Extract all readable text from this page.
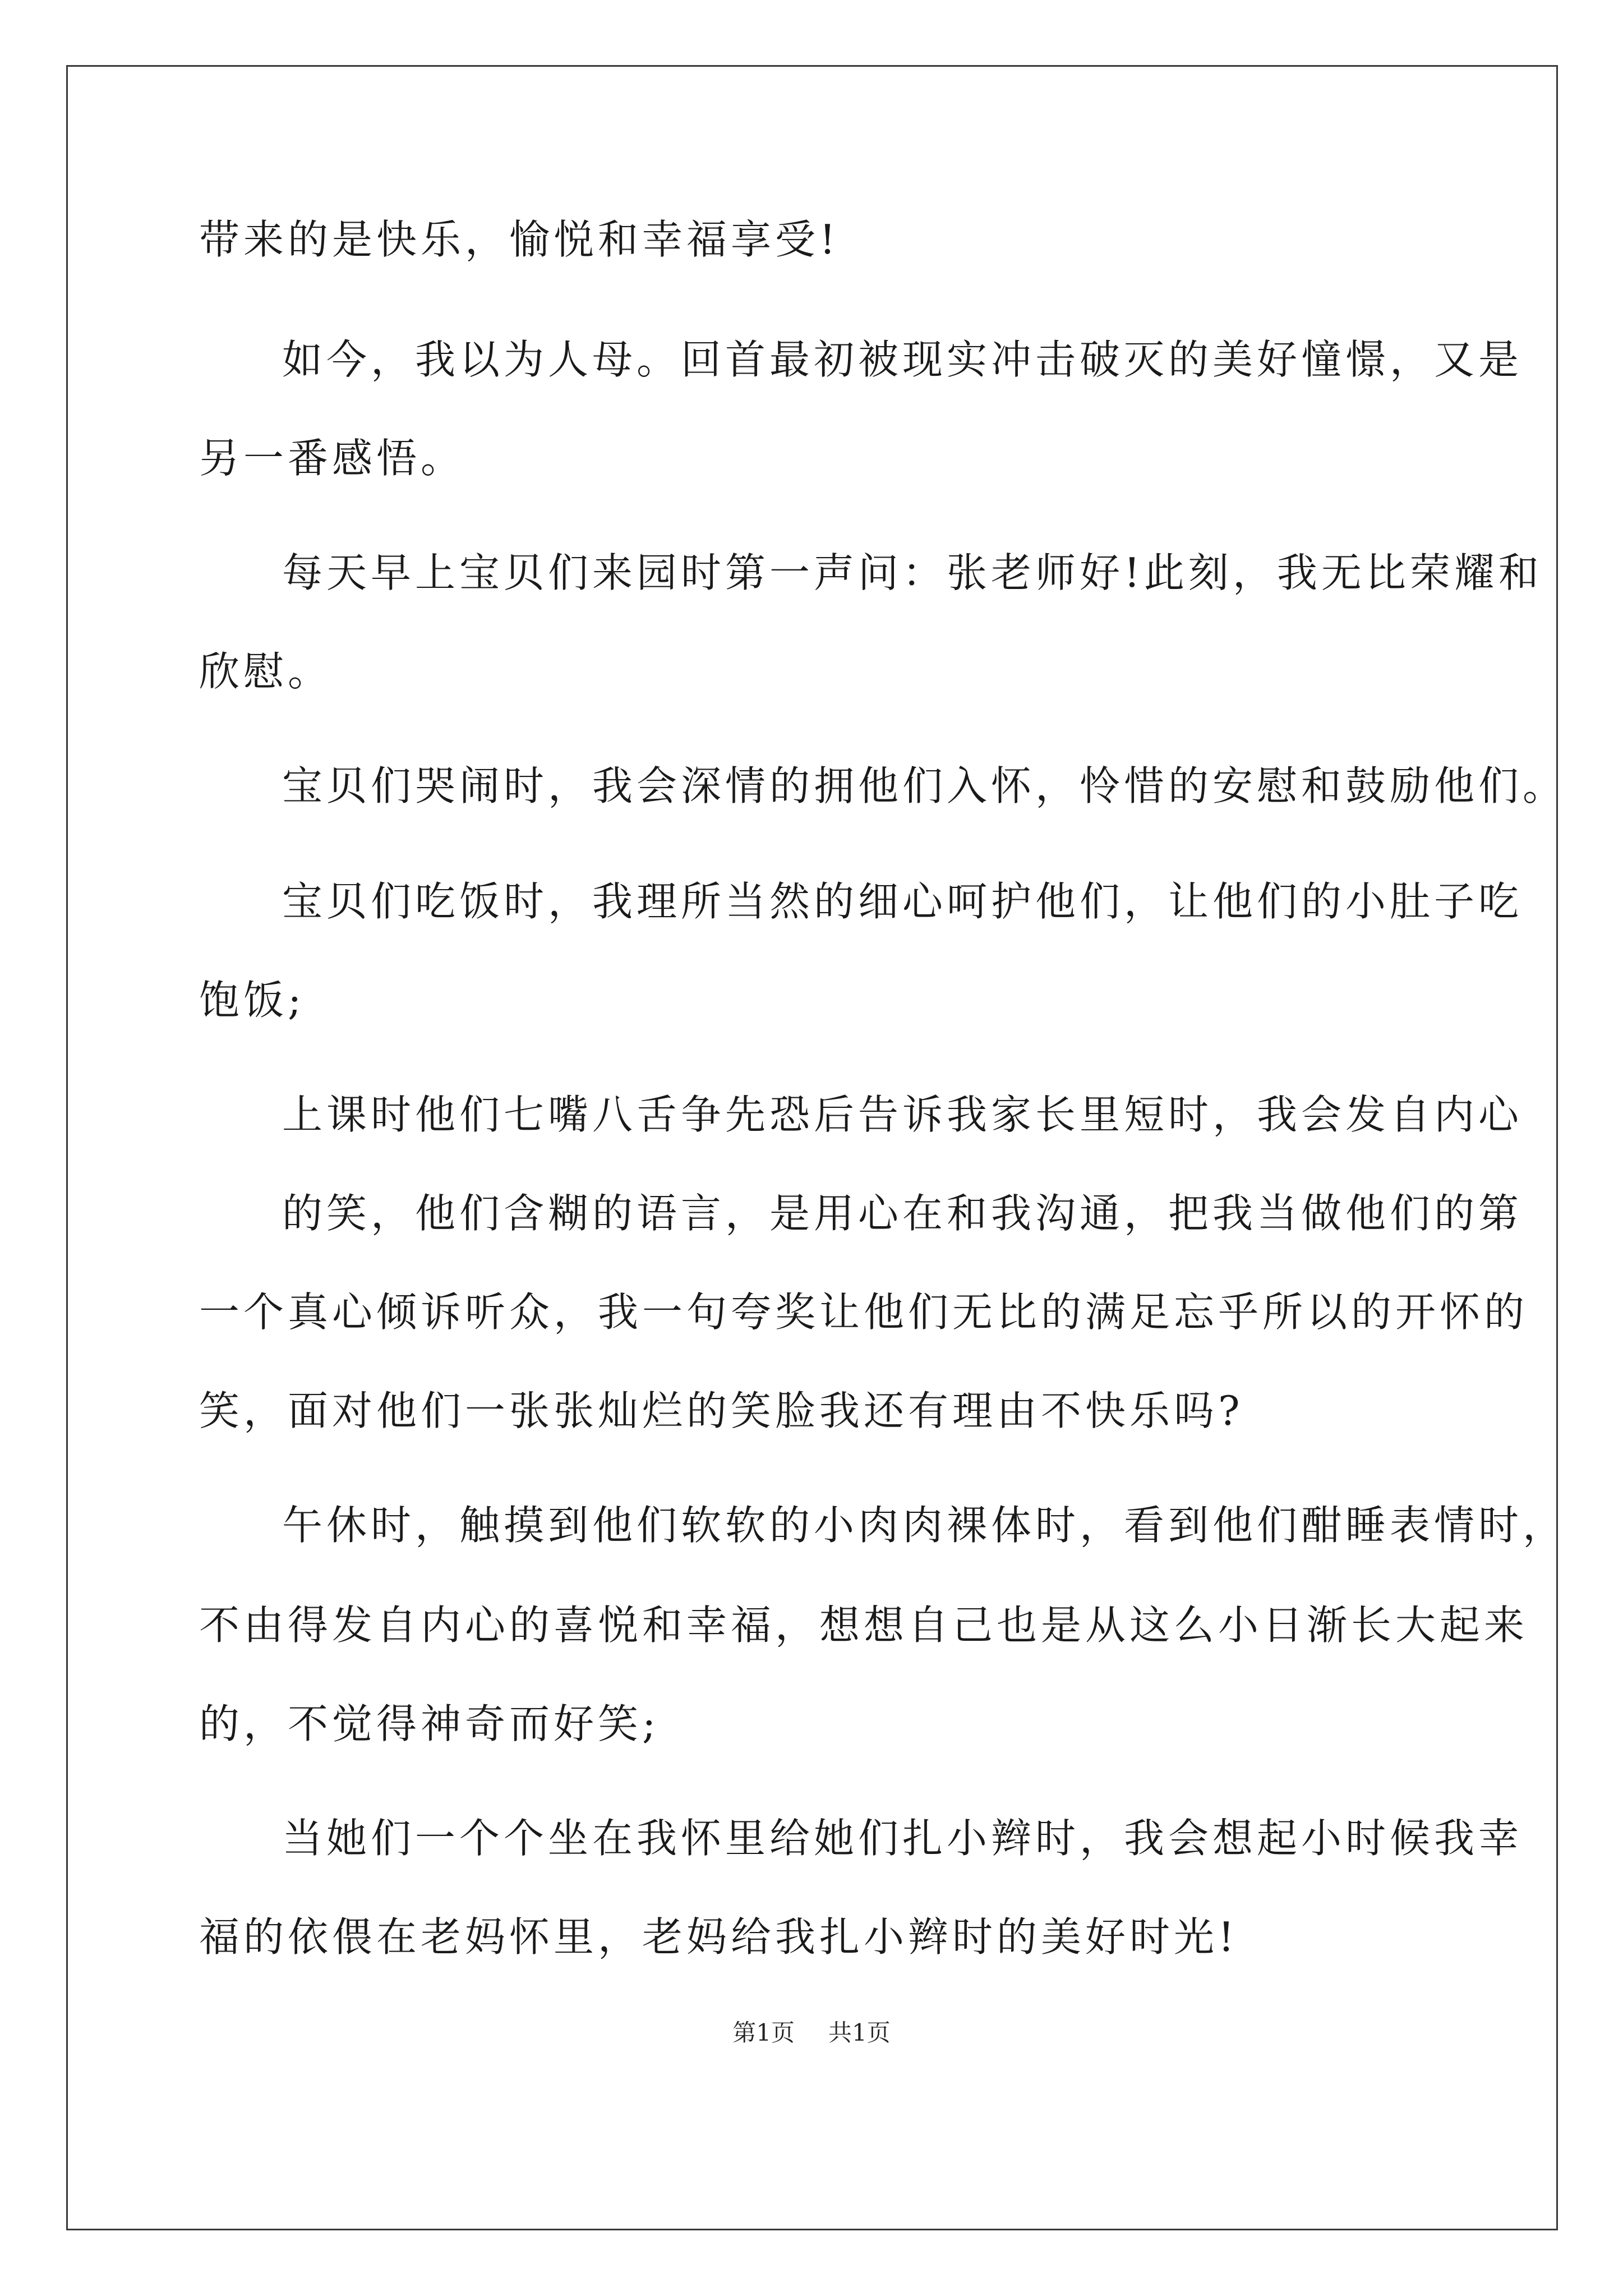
带来的是快乐，愉悦和幸福享受!
如今，我以为人母。回首最初被现实冲击破灭的美好憧憬，又是
另一番感悟。
每天早上宝贝们来园时第一声问：张老师好!此刻，我无比荣耀和
欣慰。
宝贝们哭闹时，我会深情的拥他们入怀，怜惜的安慰和鼓励他们。
宝贝们吃饭时，我理所当然的细心呵护他们，让他们的小肚子吃
饱饭;
上课时他们七嘴八舌争先恐后告诉我家长里短时，我会发自内心
的笑，他们含糊的语言，是用心在和我沟通，把我当做他们的第
一个真心倾诉听众，我一句夸奖让他们无比的满足忘乎所以的开怀的
笑，面对他们一张张灿烂的笑脸我还有理由不快乐吗?
午休时，触摸到他们软软的小肉肉裸体时，看到他们酣睡表情时，
不由得发自内心的喜悦和幸福，想想自己也是从这么小日渐长大起来
的，不觉得神奇而好笑;
当她们一个个坐在我怀里给她们扎小辫时，我会想起小时候我幸
福的依偎在老妈怀里，老妈给我扎小辫时的美好时光!
第1页 共1页
